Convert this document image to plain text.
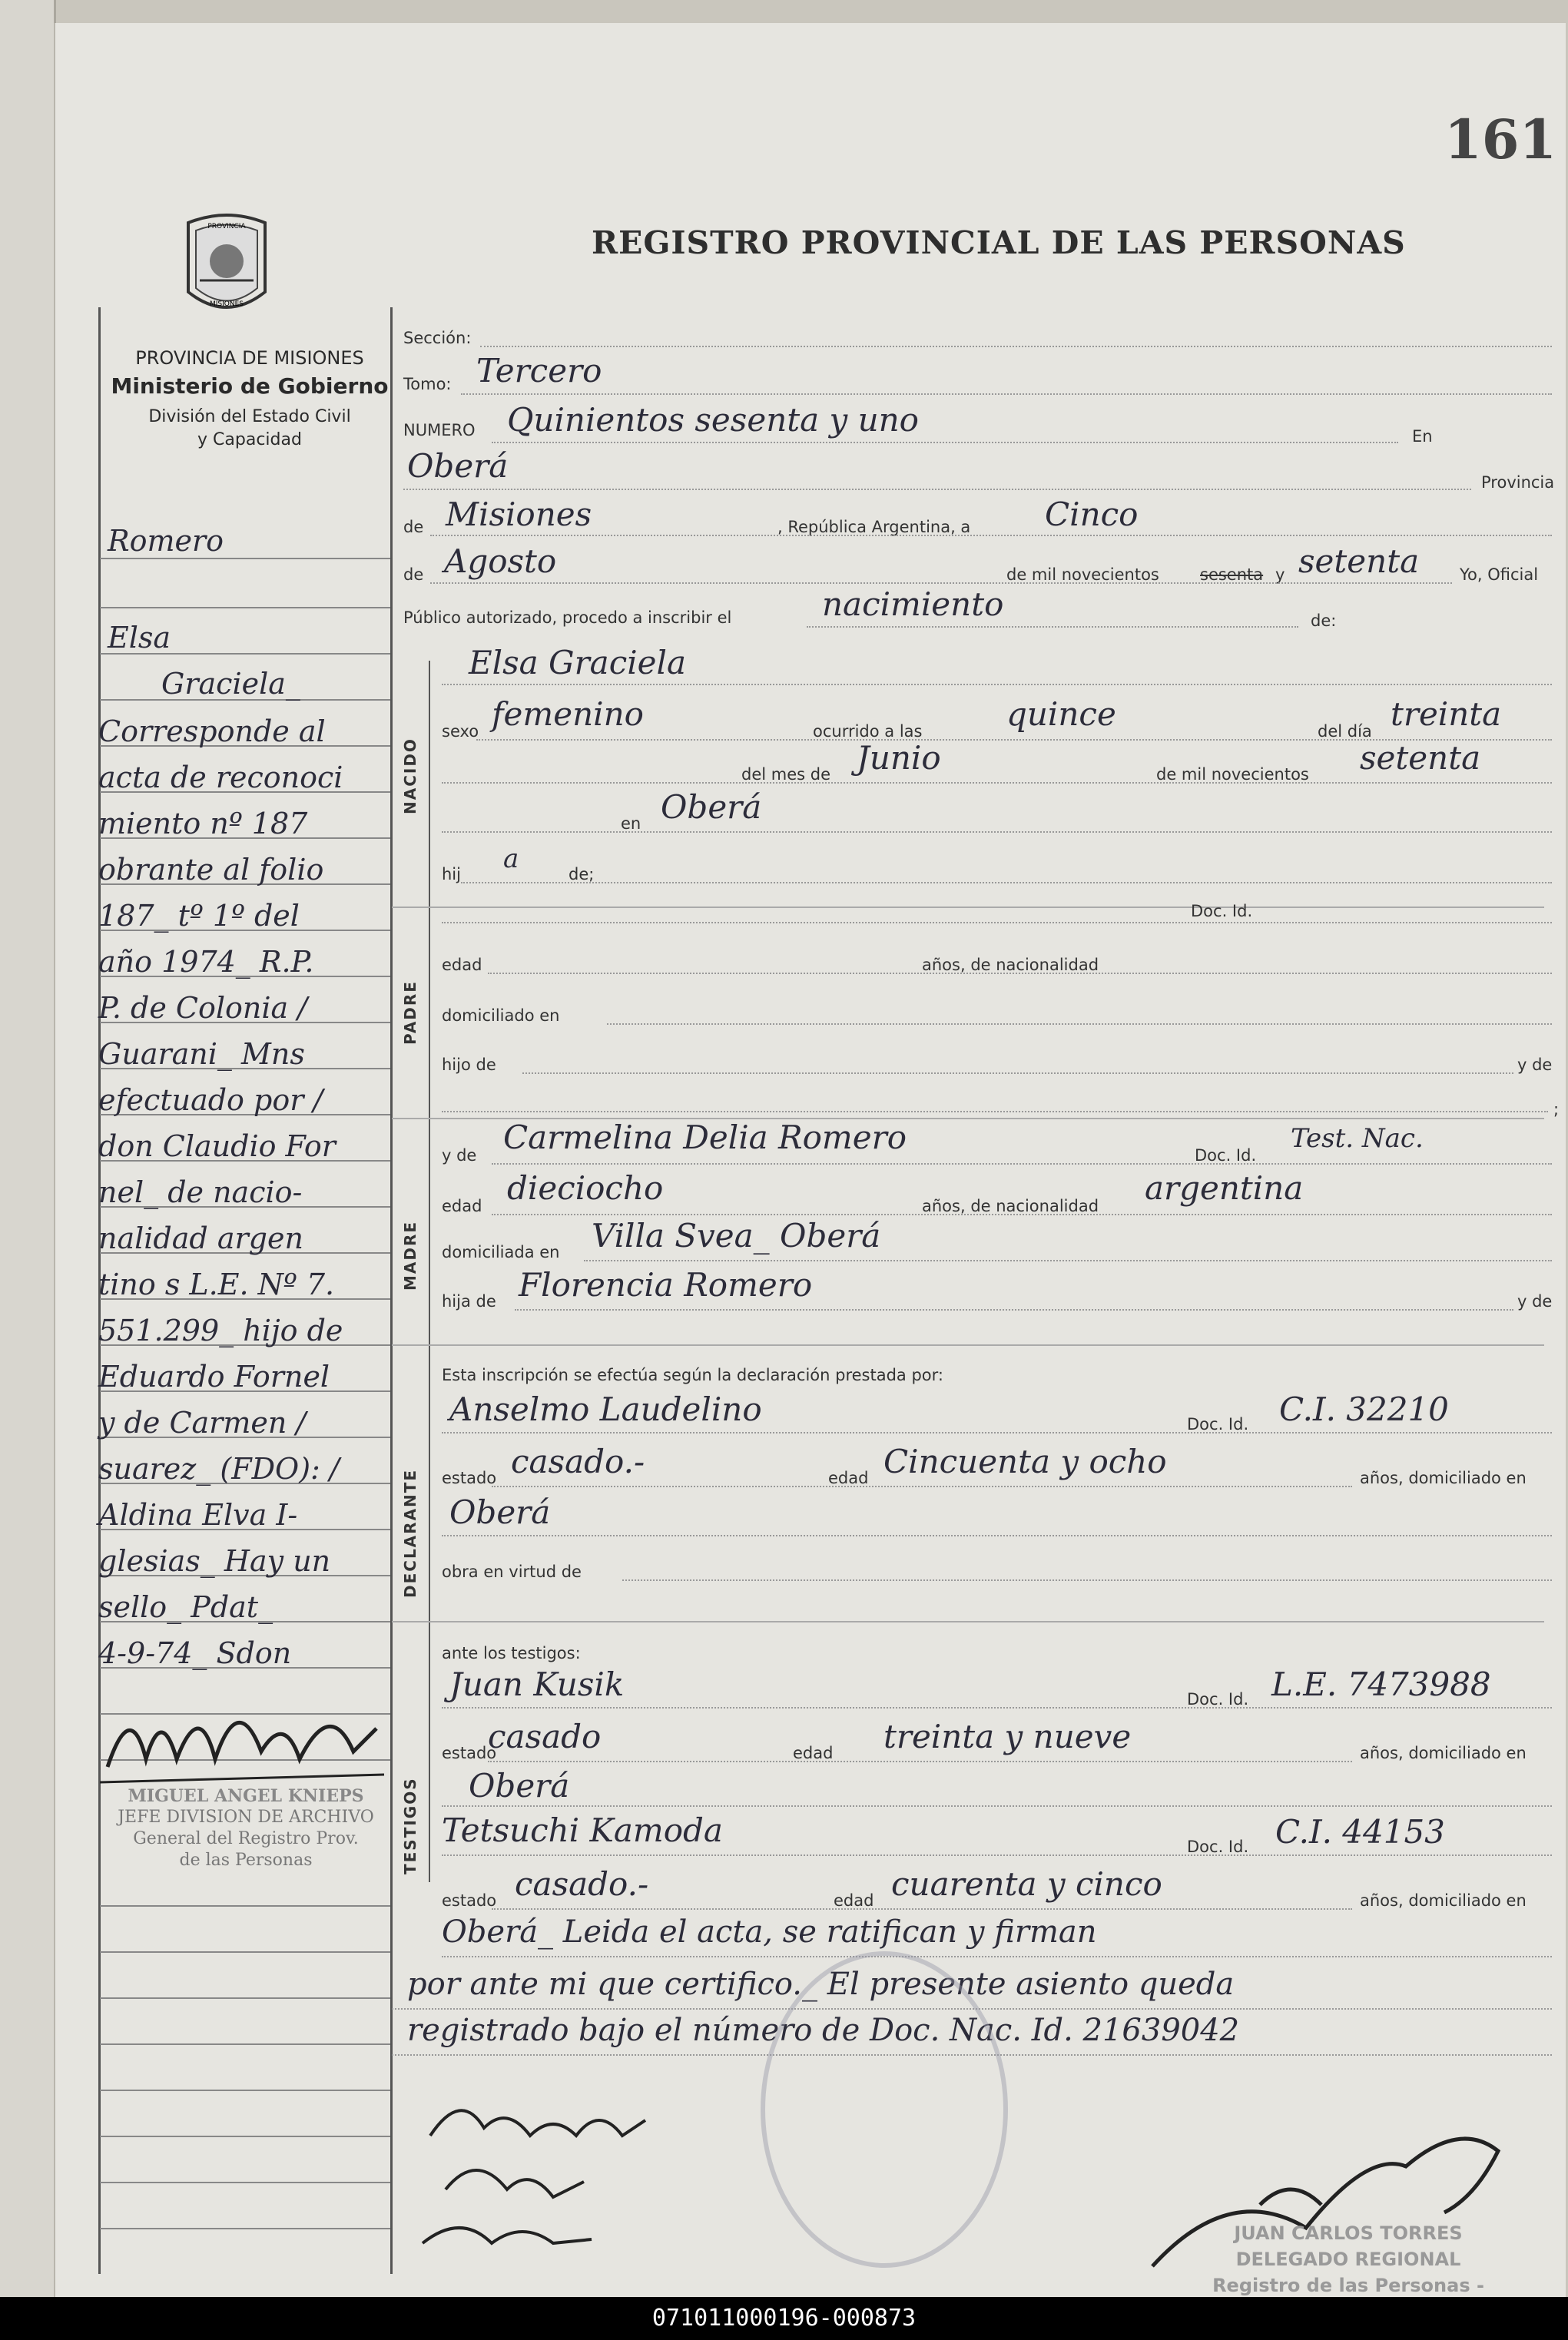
161
REGISTRO PROVINCIAL DE LAS PERSONAS
PROVINCIA
MISIONES
PROVINCIA DE MISIONES
Ministerio de Gobierno
División del Estado Civil
y Capacidad
Romero
Elsa
Graciela_
Corresponde al
acta de reconoci
miento nº 187
obrante al folio
187_ tº 1º del
año 1974_ R.P.
P. de Colonia /
Guarani_ Mns
efectuado por /
don Claudio For
nel_ de nacio-
nalidad argen
tino s L.E. Nº 7.
551.299_ hijo de
Eduardo Fornel
y de Carmen /
suarez_ (FDO): /
Aldina Elva I-
glesias_ Hay un
sello_ Pdat_
4-9-74_ Sdon
MIGUEL ANGEL KNIEPS
JEFE DIVISION DE ARCHIVO
General del Registro Prov.
de las Personas
NACIDO
PADRE
MADRE
DECLARANTE
TESTIGOS
Sección:
Tomo: Tercero
NUMERO Quinientos sesenta y uno	En
Oberá	Provincia
de Misiones	, República Argentina, a Cinco
de Agosto	de mil novecientos	sesenta y setenta	Yo, Oficial
Público autorizado, procedo a inscribir el	nacimiento	de:
Elsa Graciela
sexo femenino	ocurrido a las	quince	del día treinta
del mes de Junio	de mil novecientos setenta
en Oberá
hij a	de;
Doc. Id.
edad	años, de nacionalidad
domiciliado en
hijo de	y de
;
y de Carmelina Delia Romero	Doc. Id.
Test. Nac.
edad dieciocho	años, de nacionalidad argentina
domiciliada en Villa Svea_ Oberá
hija de Florencia Romero	y de
Esta inscripción se efectúa según la declaración prestada por:
Anselmo Laudelino	Doc. Id. C.I. 32210
estado casado.-	edad Cincuenta y ocho	años, domiciliado en
Oberá
obra en virtud de
ante los testigos:
Juan Kusik	Doc. Id. L.E. 7473988
estado
casado	edad treinta y nueve	años, domiciliado en
Oberá
Tetsuchi Kamoda	Doc. Id. C.I. 44153
estado casado.-	edad cuarenta y cinco	años, domiciliado en
Oberá_ Leida el acta, se ratifican y firman
por ante mi que certifico._ El presente asiento queda
registrado bajo el número de Doc. Nac. Id. 21639042
JUAN CARLOS TORRES
DELEGADO REGIONAL
Registro de las Personas -
071011000196-000873
